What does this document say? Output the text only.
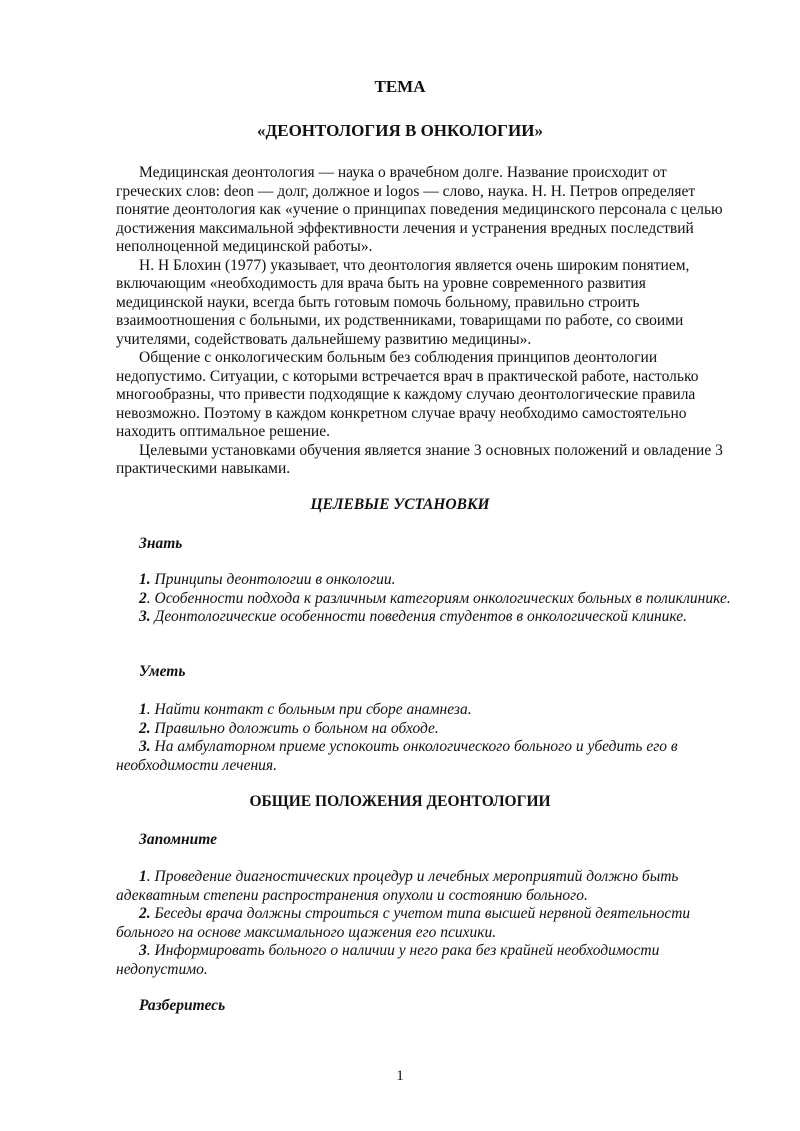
ТЕМА
«ДЕОНТОЛОГИЯ В ОНКОЛОГИИ»

Медицинская деонтология — наука о врачебном долге. Название происходит от греческих слов: deon — долг, должное и logos — слово, наука. Н. Н. Петров определяет понятие деонтология как «учение о принципах поведения медицинского персонала с целью достижения максимальной эффективности лечения и устранения вредных последствий неполноценной медицинской работы».

Н. Н Блохин (1977) указывает, что деонтология является очень широким понятием, включающим «необходимость для врача быть на уровне современного развития медицинской науки, всегда быть готовым помочь больному, правильно строить взаимоотношения с больными, их родственниками, товарищами по работе, со своими учителями, содействовать дальнейшему развитию медицины».

Общение с онкологическим больным без соблюдения принципов деонтологии недопустимо. Ситуации, с которыми встречается врач в практической работе, настолько многообразны, что привести подходящие к каждому случаю деонтологические правила невозможно. Поэтому в каждом конкретном случае врачу необходимо самостоятельно находить оптимальное решение.

Целевыми установками обучения является знание 3 основных положений и овладение 3 практическими навыками.

ЦЕЛЕВЫЕ УСТАНОВКИ
Знать

1. Принципы деонтологии в онкологии.

2. Особенности подхода к различным категориям онкологических больных в поликлинике.

3. Деонтологические особенности поведения студентов в онкологической клинике.

Уметь

1. Найти контакт с больным при сборе анамнеза.

2. Правильно доложить о больном на обходе.

3. На амбулаторном приеме успокоить онкологического больного и убедить его в необходимости лечения.

ОБЩИЕ ПОЛОЖЕНИЯ ДЕОНТОЛОГИИ
Запомните

1. Проведение диагностических процедур и лечебных мероприятий должно быть адекватным степени распространения опухоли и состоянию больного.

2. Беседы врача должны строиться с учетом типа высшей нервной деятельности больного на основе максимального щажения его психики.

3. Информировать больного о наличии у него рака без крайней необходимости недопустимо.

Разберитесь
1
